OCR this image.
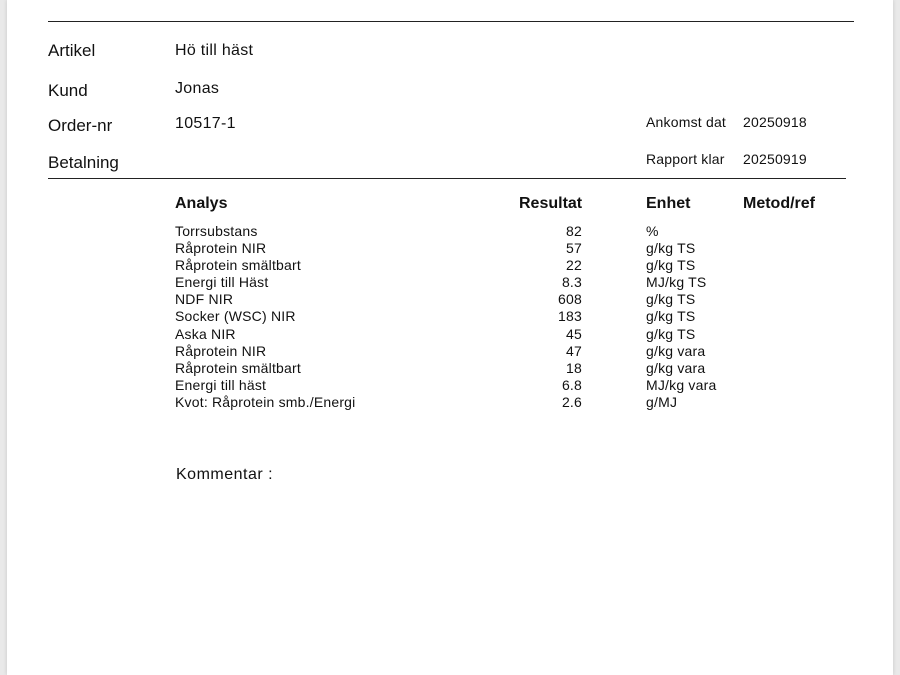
Artikel	Hö till häst
Kund	Jonas
Order-nr	10517-1
Betalning
Ankomst dat 20250918
Rapport klar 20250919
Analys	Resultat	Enhet	Metod/ref
Torrsubstans	82	%
Råprotein NIR	57	g/kg TS
Råprotein smältbart	22	g/kg TS
Energi till Häst	8.3	MJ/kg TS
NDF NIR	608	g/kg TS
Socker (WSC) NIR	183	g/kg TS
Aska NIR	45	g/kg TS
Råprotein NIR	47	g/kg vara
Råprotein smältbart	18	g/kg vara
Energi till häst	6.8	MJ/kg vara
Kvot: Råprotein smb./Energi	2.6	g/MJ
Kommentar :
